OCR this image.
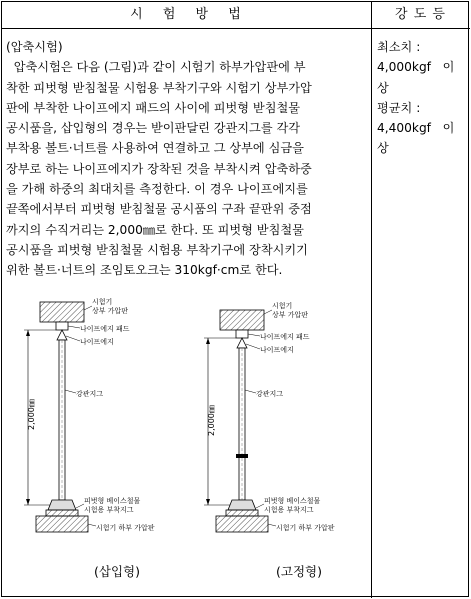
시 험 방 법	강 도 등
(압축시험)
압축시험은 다음 (그림)과 같이 시험기 하부가압판에 부
착한 피벗형 받침철물 시험용 부착기구와 시험기 상부가압
판에 부착한 나이프에지 패드의 사이에 피벗형 받침철물
공시품을, 삽입형의 경우는 받이판달린 강관지그를 각각
부착용 볼트·너트를 사용하여 연결하고 그 상부에 심금을
장부로 하는 나이프에지가 장착된 것을 부착시켜 압축하중
을 가해 하중의 최대치를 측정한다. 이 경우 나이프에지를
끝쪽에서부터 피벗형 받침철물 공시품의 구좌 끝판위 중점
까지의 수직거리는 2,000㎜로 한다. 또 피벗형 받침철물
공시품을 피벗형 받침철물 시험용 부착기구에 장착시키기
위한 볼트·너트의 조임토오크는 310kgf·cm로 한다.
최소치 :
4,000kgf   이
상
평균치 :
4,400kgf   이
상
2,000㎜
시험기
상부 가압판
나이프에지 패드
나이프에지
강관지그
피벗형 베이스철물
시험용 부착지그
시험기 하부 가압판
2,000㎜
시험기
상부 가압판
나이프에지 패드
나이프에지
강관지그
피벗형 베이스철물
시험용 부착지그
시험기 하부 가압판
(삽입형)	(고정형)
